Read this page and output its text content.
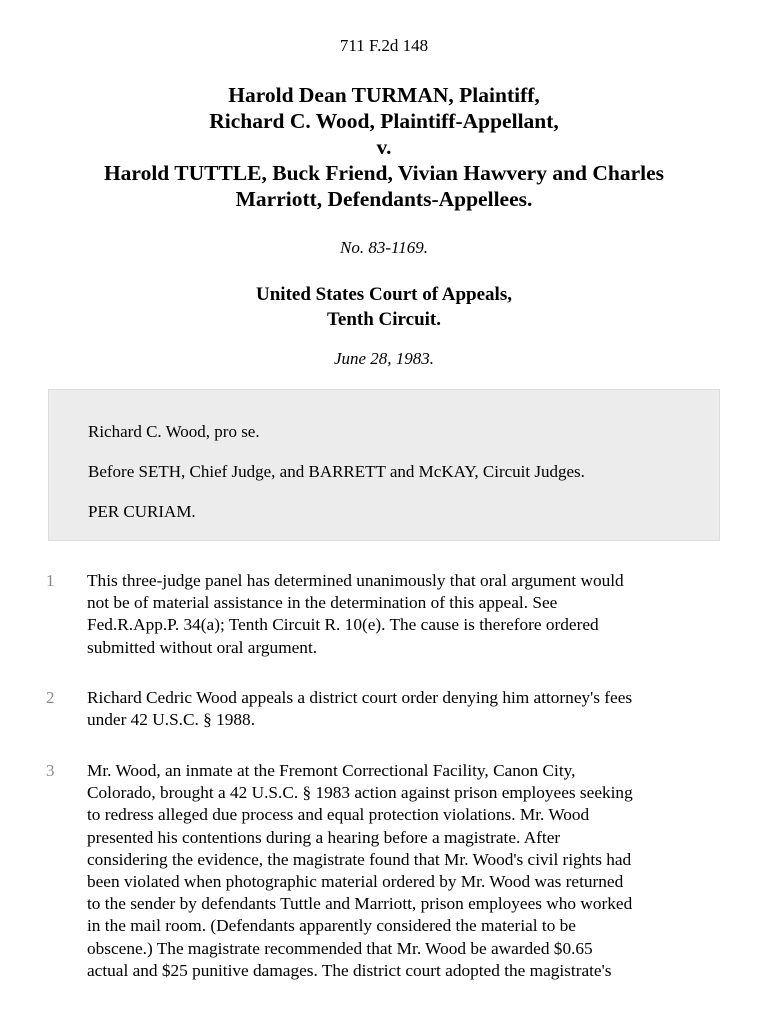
711 F.2d 148
Harold Dean TURMAN, Plaintiff,
Richard C. Wood, Plaintiff-Appellant,
v.
Harold TUTTLE, Buck Friend, Vivian Hawvery and Charles
Marriott, Defendants-Appellees.
No. 83-1169.
United States Court of Appeals,
Tenth Circuit.
June 28, 1983.

Richard C. Wood, pro se.

Before SETH, Chief Judge, and BARRETT and McKAY, Circuit Judges.

PER CURIAM.

1 This three-judge panel has determined unanimously that oral argument would
not be of material assistance in the determination of this appeal. See
Fed.R.App.P. 34(a); Tenth Circuit R. 10(e). The cause is therefore ordered
submitted without oral argument.
2 Richard Cedric Wood appeals a district court order denying him attorney's fees
under 42 U.S.C. § 1988.
3 Mr. Wood, an inmate at the Fremont Correctional Facility, Canon City,
Colorado, brought a 42 U.S.C. § 1983 action against prison employees seeking
to redress alleged due process and equal protection violations. Mr. Wood
presented his contentions during a hearing before a magistrate. After
considering the evidence, the magistrate found that Mr. Wood's civil rights had
been violated when photographic material ordered by Mr. Wood was returned
to the sender by defendants Tuttle and Marriott, prison employees who worked
in the mail room. (Defendants apparently considered the material to be
obscene.) The magistrate recommended that Mr. Wood be awarded $0.65
actual and $25 punitive damages. The district court adopted the magistrate's
